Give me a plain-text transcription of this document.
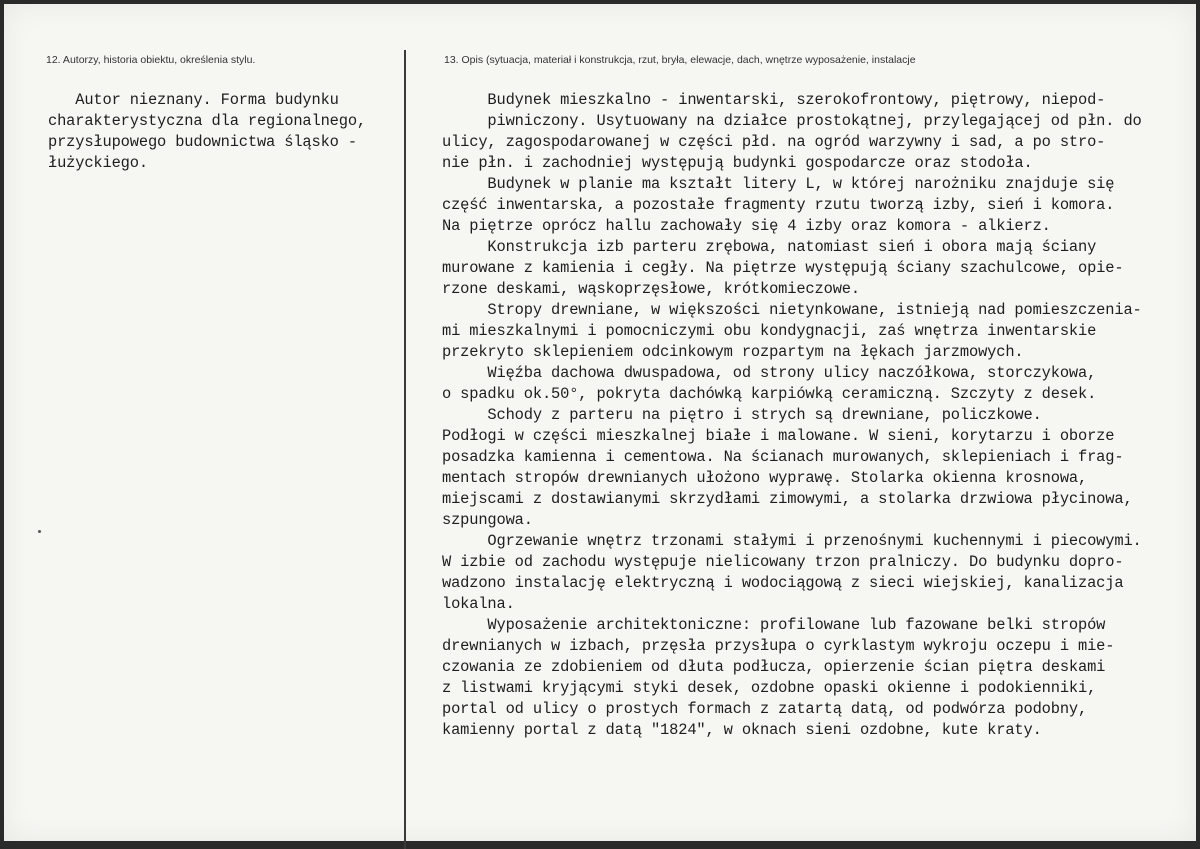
12. Autorzy, historia obiektu, określenia stylu.	13. Opis (sytuacja, materiał i konstrukcja, rzut, bryła, elewacje, dach, wnętrze wyposażenie, instalacje
Autor nieznany. Forma budynku
charakterystyczna dla regionalnego,
przysłupowego budownictwa śląsko -
łużyckiego.
Budynek mieszkalno - inwentarski, szerokofrontowy, piętrowy, niepod-
piwniczony. Usytuowany na działce prostokątnej, przylegającej od płn. do
ulicy, zagospodarowanej w części płd. na ogród warzywny i sad, a po stro-
nie płn. i zachodniej występują budynki gospodarcze oraz stodoła.
Budynek w planie ma kształt litery L, w której narożniku znajduje się
część inwentarska, a pozostałe fragmenty rzutu tworzą izby, sień i komora.
Na piętrze oprócz hallu zachowały się 4 izby oraz komora - alkierz.
Konstrukcja izb parteru zrębowa, natomiast sień i obora mają ściany
murowane z kamienia i cegły. Na piętrze występują ściany szachulcowe, opie-
rzone deskami, wąskoprzęsłowe, krótkomieczowe.
Stropy drewniane, w większości nietynkowane, istnieją nad pomieszczenia-
mi mieszkalnymi i pomocniczymi obu kondygnacji, zaś wnętrza inwentarskie
przekryto sklepieniem odcinkowym rozpartym na łękach jarzmowych.
Więźba dachowa dwuspadowa, od strony ulicy naczółkowa, storczykowa,
o spadku ok.50°, pokryta dachówką karpiówką ceramiczną. Szczyty z desek.
Schody z parteru na piętro i strych są drewniane, policzkowe.
Podłogi w części mieszkalnej białe i malowane. W sieni, korytarzu i oborze
posadzka kamienna i cementowa. Na ścianach murowanych, sklepieniach i frag-
mentach stropów drewnianych ułożono wyprawę. Stolarka okienna krosnowa,
miejscami z dostawianymi skrzydłami zimowymi, a stolarka drzwiowa płycinowa,
szpungowa.
Ogrzewanie wnętrz trzonami stałymi i przenośnymi kuchennymi i piecowymi.
W izbie od zachodu występuje nielicowany trzon pralniczy. Do budynku dopro-
wadzono instalację elektryczną i wodociągową z sieci wiejskiej, kanalizacja
lokalna.
Wyposażenie architektoniczne: profilowane lub fazowane belki stropów
drewnianych w izbach, przęsła przysłupa o cyrklastym wykroju oczepu i mie-
czowania ze zdobieniem od dłuta podłucza, opierzenie ścian piętra deskami
z listwami kryjącymi styki desek, ozdobne opaski okienne i podokienniki,
portal od ulicy o prostych formach z zatartą datą, od podwórza podobny,
kamienny portal z datą "1824", w oknach sieni ozdobne, kute kraty.
